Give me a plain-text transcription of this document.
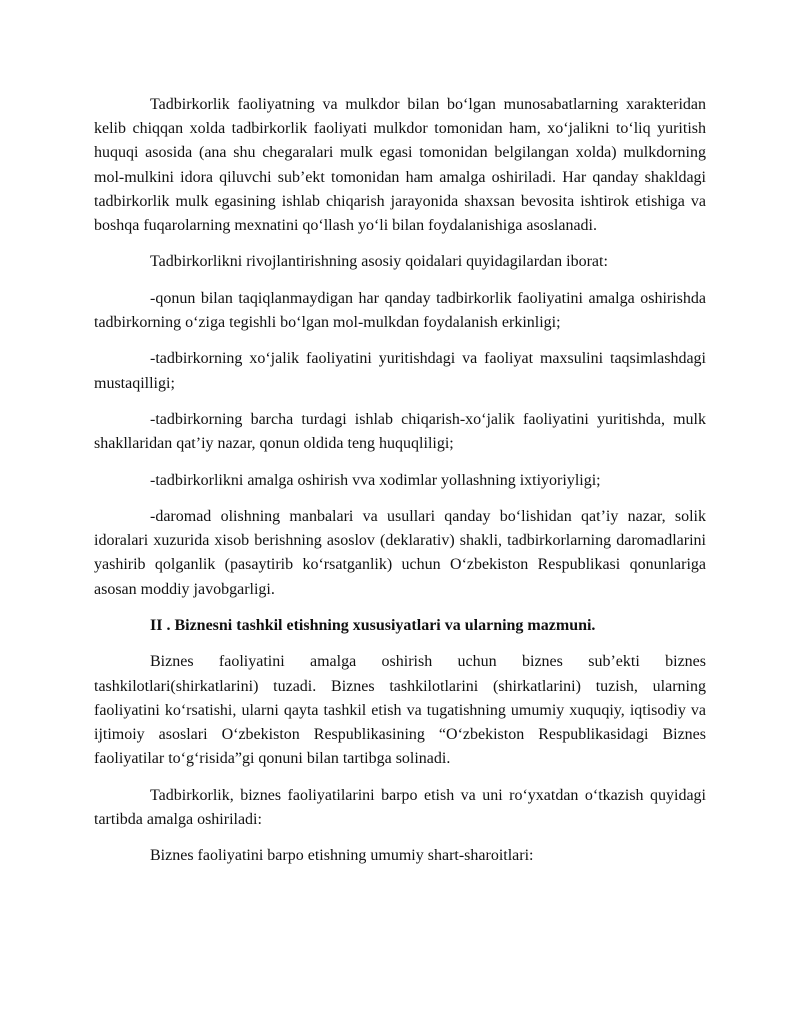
Tadbirkorlik faoliyatning va mulkdor bilan bo‘lgan munosabatlarning xarakteridan kelib chiqqan xolda tadbirkorlik faoliyati mulkdor tomonidan ham, xo‘jalikni to‘liq yuritish huquqi asosida (ana shu chegaralari mulk egasi tomonidan belgilangan xolda) mulkdorning mol-mulkini idora qiluvchi sub’ekt tomonidan ham amalga oshiriladi. Har qanday shakldagi tadbirkorlik mulk egasining ishlab chiqarish jarayonida shaxsan bevosita ishtirok etishiga va boshqa fuqarolarning mexnatini qo‘llash yo‘li bilan foydalanishiga asoslanadi.

Tadbirkorlikni rivojlantirishning asosiy qoidalari quyidagilardan iborat:

-qonun bilan taqiqlanmaydigan har qanday tadbirkorlik faoliyatini amalga oshirishda tadbirkorning o‘ziga tegishli bo‘lgan mol-mulkdan foydalanish erkinligi;

-tadbirkorning xo‘jalik faoliyatini yuritishdagi va faoliyat maxsulini taqsimlashdagi mustaqilligi;

-tadbirkorning barcha turdagi ishlab chiqarish-xo‘jalik faoliyatini yuritishda, mulk shakllaridan qat’iy nazar, qonun oldida teng huquqliligi;

-tadbirkorlikni amalga oshirish vva xodimlar yollashning ixtiyoriyligi;

-daromad olishning manbalari va usullari qanday bo‘lishidan qat’iy nazar, solik idoralari xuzurida xisob berishning asoslov (deklarativ) shakli, tadbirkorlarning daromadlarini yashirib qolganlik (pasaytirib ko‘rsatganlik) uchun O‘zbekiston Respublikasi qonunlariga asosan moddiy javobgarligi.

II . Biznesni tashkil etishning xususiyatlari va ularning mazmuni.

Biznes faoliyatini amalga oshirish uchun biznes sub’ekti biznes tashkilotlari(shirkatlarini) tuzadi. Biznes tashkilotlarini (shirkatlarini) tuzish, ularning faoliyatini ko‘rsatishi, ularni qayta tashkil etish va tugatishning umumiy xuquqiy, iqtisodiy va ijtimoiy asoslari O‘zbekiston Respublikasining “O‘zbekiston Respublikasidagi Biznes faoliyatilar to‘g‘risida”gi qonuni bilan tartibga solinadi.

Tadbirkorlik, biznes faoliyatilarini barpo etish va uni ro‘yxatdan o‘tkazish quyidagi tartibda amalga oshiriladi:

Biznes faoliyatini barpo etishning umumiy shart-sharoitlari:
